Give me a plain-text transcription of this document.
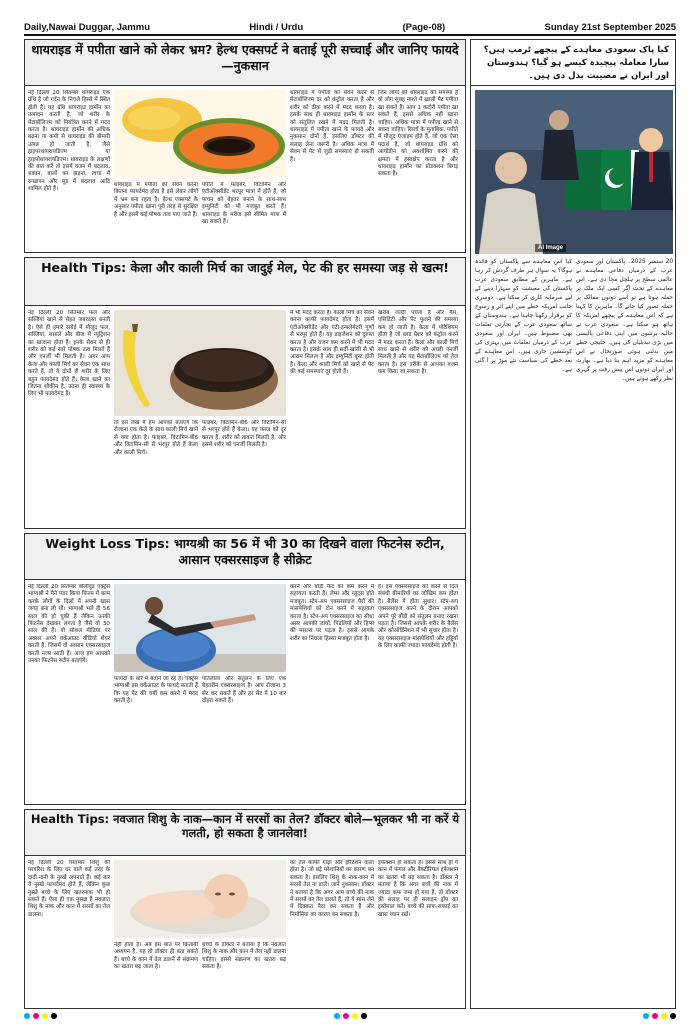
Daily,Nawai Duggar, Jammu	Hindi / Urdu	(Page-08)	Sunday 21st September 2025
थायराइड में पपीता खाने को लेकर भ्रम? हेल्थ एक्सपर्ट ने बताई पूरी सच्चाई और जानिए फायदे—नुकसान
नई दिल्ली 20 सितम्बर थायराइड एक ग्रंथि है जो गर्दन के निचले हिस्से में स्थित होती है। यह ग्रंथि थायराइड हार्मोन का उत्पादन करती है, जो शरीर के मेटाबॉलिज्म को नियंत्रित करने में मदद करता है। थायराइड हार्मोन की अधिक बढ़ना या कमी से थायराइड की बीमारी उत्पन्न हो जाती है, जैसे हाइपरथायरायडिज्म या हाइपोथायरायडिज्म। थायराइड के लक्षणों की बात करें तो इसमें वजन में बदलाव, थकान, बालों का झड़ना, त्वचा में रूखापन और मूड में बदलाव आदि शामिल होते हैं।
थायराइड में पपीता का सेवन करना कितना फायदेमंद होता है इसे लेकर लोगों में भ्रम बना रहता है। हेल्थ एक्सपर्ट के अनुसार पपीता खाना पूरी तरह से सुरक्षित है और इसमें कई पोषक तत्व पाए जाते हैं।
पपीते में फाइबर, विटामिन और एंटीऑक्सीडेंट भरपूर मात्रा में होते हैं, जो पाचन को बेहतर बनाने के साथ-साथ इम्युनिटी को भी मजबूत करते हैं। थायराइड के मरीज इसे सीमित मात्रा में खा सकते हैं।
थायराइड में पपीता का सेवन करने से मेटाबॉलिज्म दर को कंट्रोल करता है और शरीर को ठीक करने में मदद करता है। इसके साथ ही थायराइड हार्मोन के स्तर को संतुलित रखने में मदद मिलती है। थायराइड में पपीता खाने के फायदे और नुकसान दोनों हैं, इसलिए डॉक्टर की सलाह लेना जरूरी है। अधिक मात्रा में सेवन से पेट से जुड़ी समस्याएं हो सकती हैं।
जिन लोगों को थायराइड की समस्या है वो लोग सुबह नाश्ते में खाली पेट पपीता खा सकते हैं। आप 1 कटोरी पपीता खा सकते हैं, इससे अधिक नहीं खाना चाहिए। अधिक मात्रा में पपीता खाने से बचना चाहिए। रिसर्च के मुताबिक, पपीते में मौजूद एंजाइम होते हैं, जो एक ऐसा पदार्थ है, जो थायराइड ग्रंथि को आयोडीन को अवशोषित करने की क्षमता में हस्तक्षेप करता है और थायराइड हार्मोन का प्रोडक्शन बिगड़ सकता है।
Health Tips: केला और काली मिर्च का जादुई मेल, पेट की हर समस्या जड़ से खत्म!
नई दिल्ली 20 सितम्बर फल और सब्जियां खाने से सेहत जबरदस्त बनती है। ऐसे ही हमारे रसोई में मौजूद फल, सब्जियां, मसाले और बीज में न्यूट्रिशन का खजाना होता है। इनके सेवन से ही शरीर को कई सारे पोषक तत्व मिलते हैं और एनर्जी भी मिलती है। अगर आप केला और काली मिर्च का सेवन एक साथ करते हैं, तो ये दोनों ही शरीर के लिए बहुत फायदेमंद होते हैं। केला खाने का जितना शौकीन है, उतना ही स्वास्थ्य के लिए भी फायदेमंद है।
तो इस लेख में हम आपको बताएंगे कि रोजाना एक केले के साथ काली मिर्च खाने से क्या होता है। फाइबर, विटामिन-बी6 और विटामिन-सी से भरपूर होते हैं केला और काली मिर्च।
फाइबर, विटामिन-बी6 और विटामिन-सी से भरपूर होते हैं केला। यह कब्ज को दूर करता है, शरीर को ताकत मिलती है, और इससे शरीर को एनर्जी मिलती है।
में भी मदद करता है। काली मिर्च का सेवन करना काफी फायदेमंद होता है। इसमें एंटीऑक्सीडेंट और एंटी-इन्फ्लेमेटरी गुणों से भरपूर होते हैं। यह डाइजेशन को दुरुस्त करता है और वजन कम करने में भी मदद करता है। इसके साथ ही सर्दी-खांसी से भी आराम मिलता है और इम्युनिटी बूस्ट होती है। केला और काली मिर्च को खाने से पेट की कई समस्याएं दूर होती हैं।
खराब जल्दी पचता है और गैस, एसिडिटी और पेट फूलने की समस्या कम हो जाती है। केला में पोटैशियम होता है जो ब्लड प्रेशर को कंट्रोल करने में मदद करता है। केला और काली मिर्च साथ खाने से शरीर को अच्छी एनर्जी मिलती है और यह मेटाबॉलिज्म को तेज करता है। इस तरीके से आपका वजन कम किया जा सकता है।
Weight Loss Tips: भाग्यश्री का 56 में भी 30 का दिखने वाला फिटनेस रुटीन, आसान एक्सरसाइज है सीक्रेट
नई दिल्ली 20 सितम्बर बॉलीवुड एक्ट्रेस भाग्यश्री ने मैने प्यार किया फिल्म में काम करके लोगों के दिलों में अपनी खास जगह बना ली थी। भाग्यश्री भले ही 56 साल की हो चुकी हैं लेकिन उनकी फिटनेस देखकर लगता है जैसे वो 30 साल की हैं। वो सोशल मीडिया पर अक्सर अपने वर्कआउट वीडियो शेयर करती हैं, जिसमें वो आसान एक्सरसाइज करती नजर आती हैं। आज हम आपको उनका फिटनेस रुटीन बताएंगे।
फायदों के बारे में बताने जा रहे हैं। एक्ट्रेस भाग्यश्री इस वर्कआउट के फायदे बताती हैं कि यह पेट की चर्बी कम करने में मदद करती है।
पतिलीला और संतुलन के लिए एक बेहतरीन एक्सरसाइज है। आप रोजाना 3 सेट कर सकते हैं और हर सेट में 10 बार दोहरा सकते हैं।
करने और बॉडी फैट को कम करने में सहायता करती है। लेग्स और ग्लूट्स होते मजबूत। स्टेप-अप एक्सरसाइज पैरों की मांसपेशियों को टोन करने में सहायता करता है। स्टेप-अप एक्सरसाइज का सीधा असर आपकी जांघों, पिंडलियों और हिप्स की मसल्स पर पड़ता है। इससे आपके शरीर का निचला हिस्सा मजबूत होता है।
है। इस एक्सरसाइज को करने से दिल संबंधी बीमारियों का जोखिम कम होता है। बैलेंस में होता सुधार। स्टेप-अप एक्सरसाइज करने के दौरान आपको अपने पूरे बॉडी को संतुलन बनाए रखना पड़ता है। जिससे आपके शरीर के बैलेंस और कोऑर्डिनेशन में भी सुधार होता है। यह एक्सरसाइज मांसपेशियों और हड्डियों के लिए काफी ज्यादा फायदेमंद होती है।
Health Tips: नवजात शिशु के नाक—कान में सरसों का तेल? डॉक्टर बोले—भूलकर भी ना करें ये गलती, हो सकता है जानलेवा!
नई दिल्ली 20 सितम्बर शिशु की परवरिश के लिए घर वाले कई तरह के दादी-नानी के नुस्खे अपनाते हैं। कई बार ये नुस्खे फायदेमंद होते हैं, लेकिन कुछ नुस्खे बच्चे के लिए खतरनाक भी हो सकते हैं। ऐसा ही एक नुस्खा है नवजात शिशु के नाक और कान में सरसों का तेल डालना।
नहीं होता है। अब इस बात पर किताबी अध्ययन है, यह तो डॉक्टर ही बता सकते हैं। बच्चे के कान में तेल डालने से संक्रमण का खतरा बढ़ जाता है।
बच्चों के डॉक्टर ने बताया है कि नवजात शिशु के नाक और कान में तेल नहीं डालना चाहिए। इससे संक्रमण का खतरा बढ़ सकता है।
का तेल काफी गाढ़ा और इरिटेशन वाला होता है। जो बड़े परेशानियों का कारण बन सकता है। इसलिए शिशु के नाक-कान में सरसों तेल ना डालें। जानें नुकसान। डॉक्टर ने बताया है कि अगर आप बच्चे की नाक में सरसों का तेल डालते हैं, तो ये सांस लेने में दिक्कत पैदा कर सकता है और निमोनिया का कारण बन सकता है।
इंफेक्शन हो सकता है। इससे साथ ही ये कान में फंगल और बैक्टीरियल इंफेक्शन का खतरा भी बढ़ सकता है। डॉक्टर ने बताया है कि अगर बच्चे की नाक में ज्यादा कफ जमा हो गया है, तो डॉक्टर की सलाह पर ही सलाइन ड्रॉप का इस्तेमाल करें। बच्चे की साफ-सफाई का खास ध्यान रखें।
کیا پاک سعودی معاہدے کے پیچھے ٹرمپ ہیں؟ سارا معاملہ پیچیدہ کیسے ہو گیا؟ ہندوستان اور ایران نے مصیبت بدل دی ہیں۔
AI Image
20 ستمبر 2025۔ پاکستان اور سعودی عرب کے درمیان دفاعی معاہدے نے عالمی سطح پر ہلچل مچا دی ہے۔ اس معاہدے کے تحت اگر کسی ایک ملک پر حملہ ہوتا ہے تو اسے دونوں ممالک پر حملہ تصور کیا جائے گا۔ ماہرین کا کہنا ہے کہ اس معاہدے کے پیچھے امریکہ کا ہاتھ ہو سکتا ہے۔ سعودی عرب نے حالیہ برسوں میں اپنی دفاعی پالیسی میں بڑی تبدیلیاں کی ہیں۔ خلیجی خطے میں بدلتی ہوئی صورتحال نے اس معاہدے کو مزید اہم بنا دیا ہے۔ بھارت اور ایران دونوں اس پیش رفت پر گہری نظر رکھے ہوئے ہیں۔
کیا اس معاہدے سے پاکستان کو فائدہ ہوگا؟ یہ سوال ہر طرف گردش کر رہا ہے۔ ماہرین کے مطابق سعودی عرب پاکستان کی معیشت کو سہارا دینے کے لیے سرمایہ کاری کر سکتا ہے۔ دوسری جانب امریکہ خطے میں اپنے اثر و رسوخ کو برقرار رکھنا چاہتا ہے۔ ہندوستان کے ساتھ سعودی عرب کے تجارتی تعلقات بھی مضبوط ہیں۔ ایران اور سعودی عرب کے درمیان تعلقات میں بہتری کی کوششیں جاری ہیں۔ اس معاہدے کے بعد خطے کی سیاست نئے موڑ پر آ گئی ہے۔
